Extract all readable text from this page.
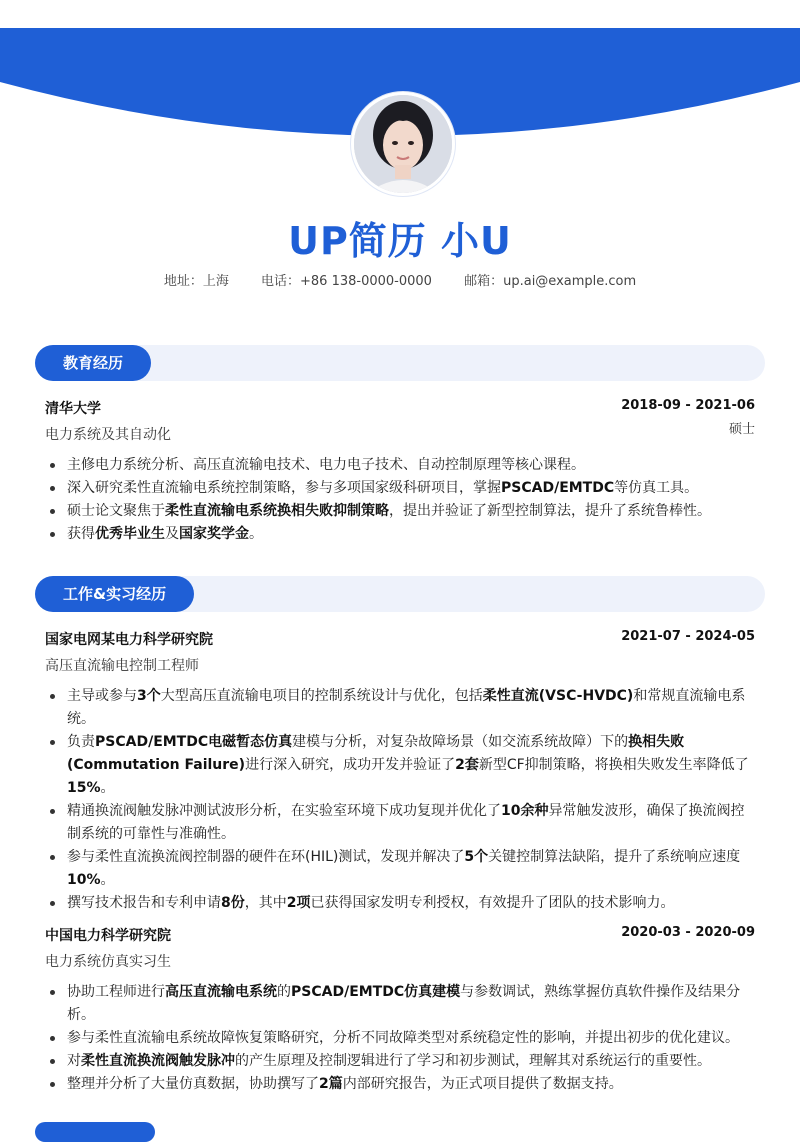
UP简历 小U
地址：上海 电话：+86 138-0000-0000 邮箱：up.ai@example.com
教育经历
清华大学	2018-09 - 2021-06
硕士
电力系统及其自动化
主修电力系统分析、高压直流输电技术、电力电子技术、自动控制原理等核心课程。
深入研究柔性直流输电系统控制策略，参与多项国家级科研项目，掌握PSCAD/EMTDC等仿真工具。
硕士论文聚焦于柔性直流输电系统换相失败抑制策略，提出并验证了新型控制算法，提升了系统鲁棒性。
获得优秀毕业生及国家奖学金。
工作&实习经历
国家电网某电力科学研究院	2021-07 - 2024-05
高压直流输电控制工程师
主导或参与3个大型高压直流输电项目的控制系统设计与优化，包括柔性直流(VSC-HVDC)和常规直流输电系统。
负责PSCAD/EMTDC电磁暂态仿真建模与分析，对复杂故障场景（如交流系统故障）下的换相失败(Commutation Failure)进行深入研究，成功开发并验证了2套新型CF抑制策略，将换相失败发生率降低了15%。
精通换流阀触发脉冲测试波形分析，在实验室环境下成功复现并优化了10余种异常触发波形，确保了换流阀控制系统的可靠性与准确性。
参与柔性直流换流阀控制器的硬件在环(HIL)测试，发现并解决了5个关键控制算法缺陷，提升了系统响应速度10%。
撰写技术报告和专利申请8份，其中2项已获得国家发明专利授权，有效提升了团队的技术影响力。
中国电力科学研究院	2020-03 - 2020-09
电力系统仿真实习生
协助工程师进行高压直流输电系统的PSCAD/EMTDC仿真建模与参数调试，熟练掌握仿真软件操作及结果分析。
参与柔性直流输电系统故障恢复策略研究，分析不同故障类型对系统稳定性的影响，并提出初步的优化建议。
对柔性直流换流阀触发脉冲的产生原理及控制逻辑进行了学习和初步测试，理解其对系统运行的重要性。
整理并分析了大量仿真数据，协助撰写了2篇内部研究报告，为正式项目提供了数据支持。
